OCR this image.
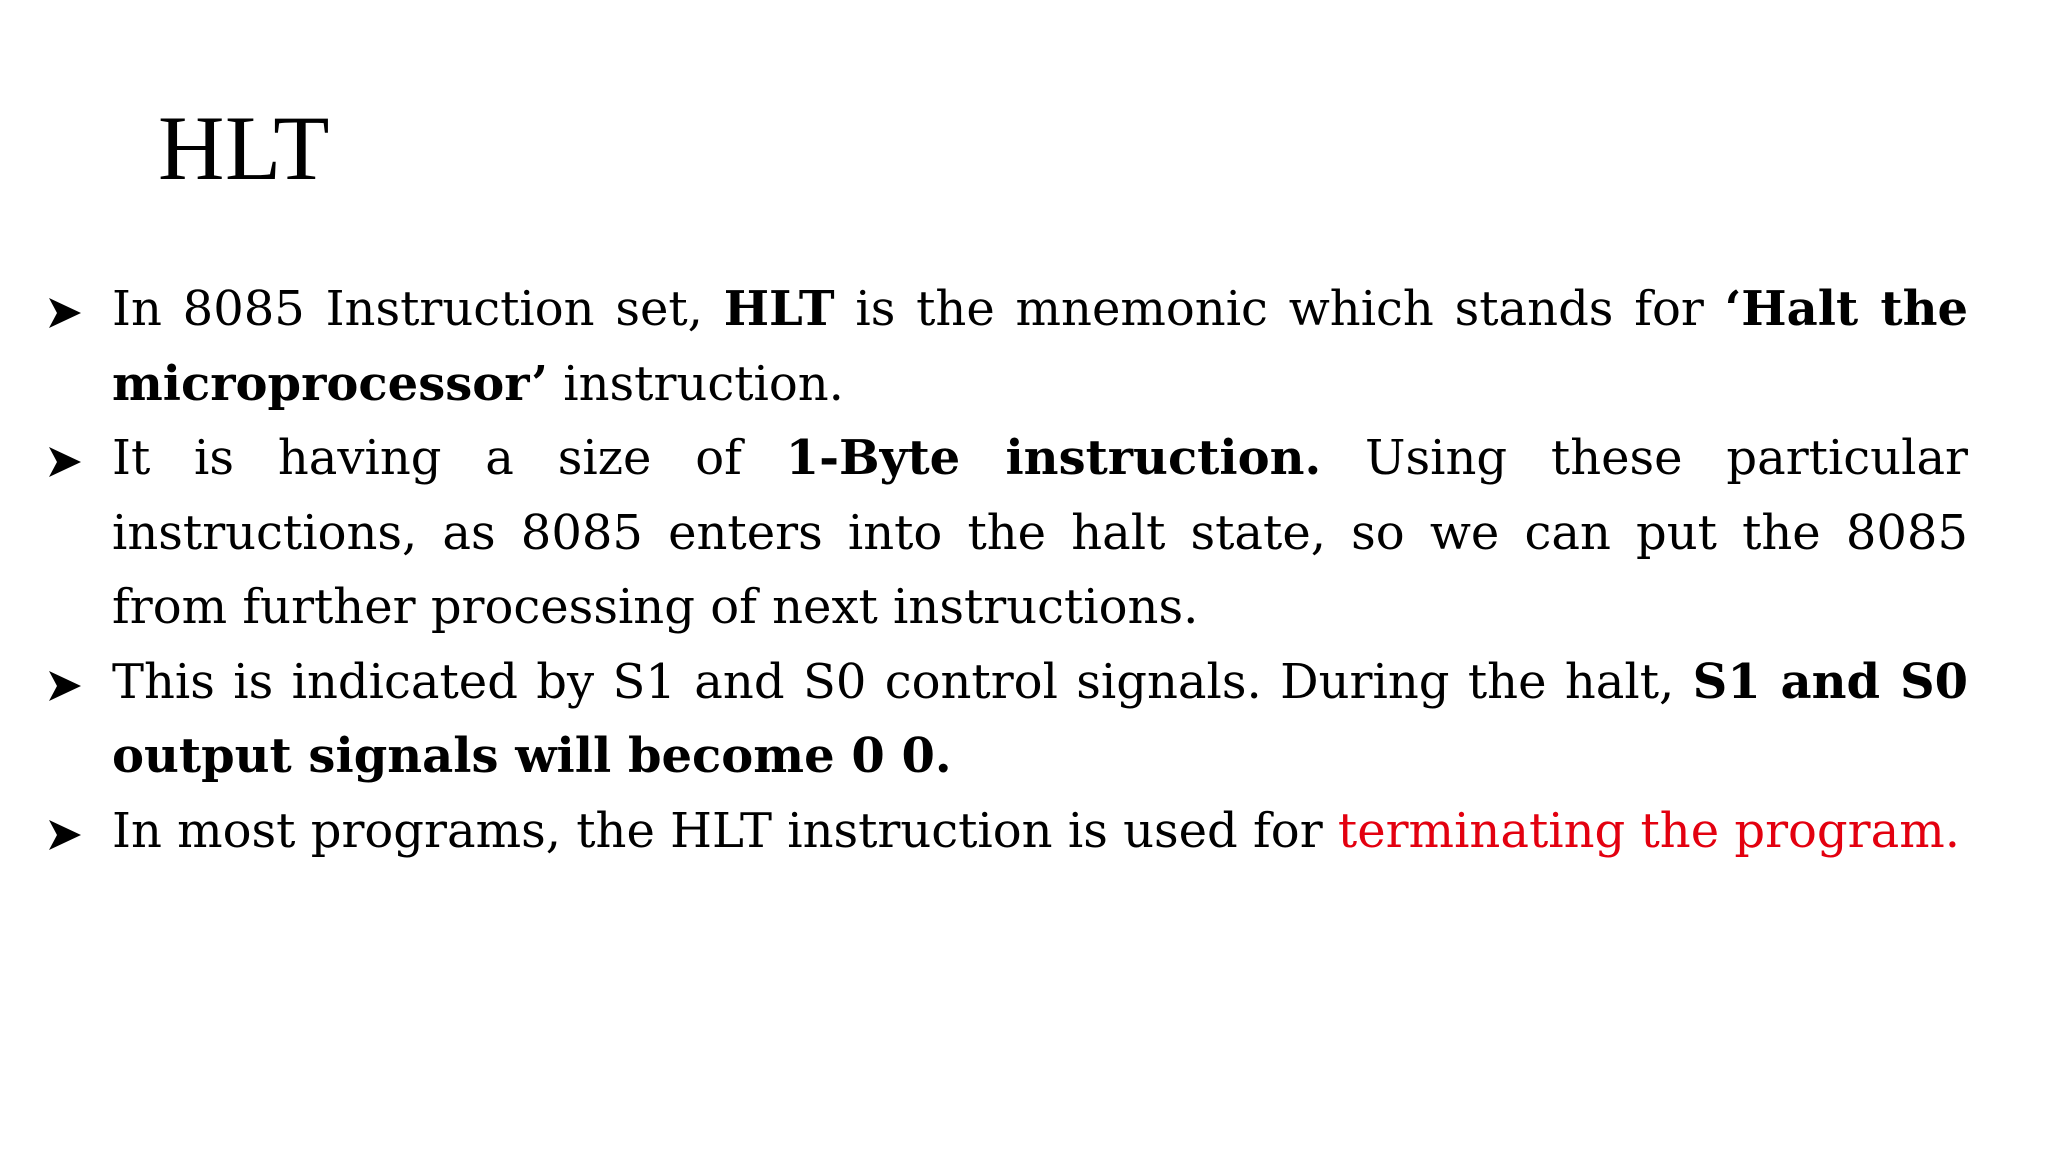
HLT
In 8085 Instruction set, HLT is the mnemonic which stands for ‘Halt the microprocessor’ instruction.
It is having a size of 1-Byte instruction. Using these particular instructions, as 8085 enters into the halt state, so we can put the 8085 from further processing of next instructions.
This is indicated by S1 and S0 control signals. During the halt, S1 and S0 output signals will become 0 0.
In most programs, the HLT instruction is used for terminating the program.
